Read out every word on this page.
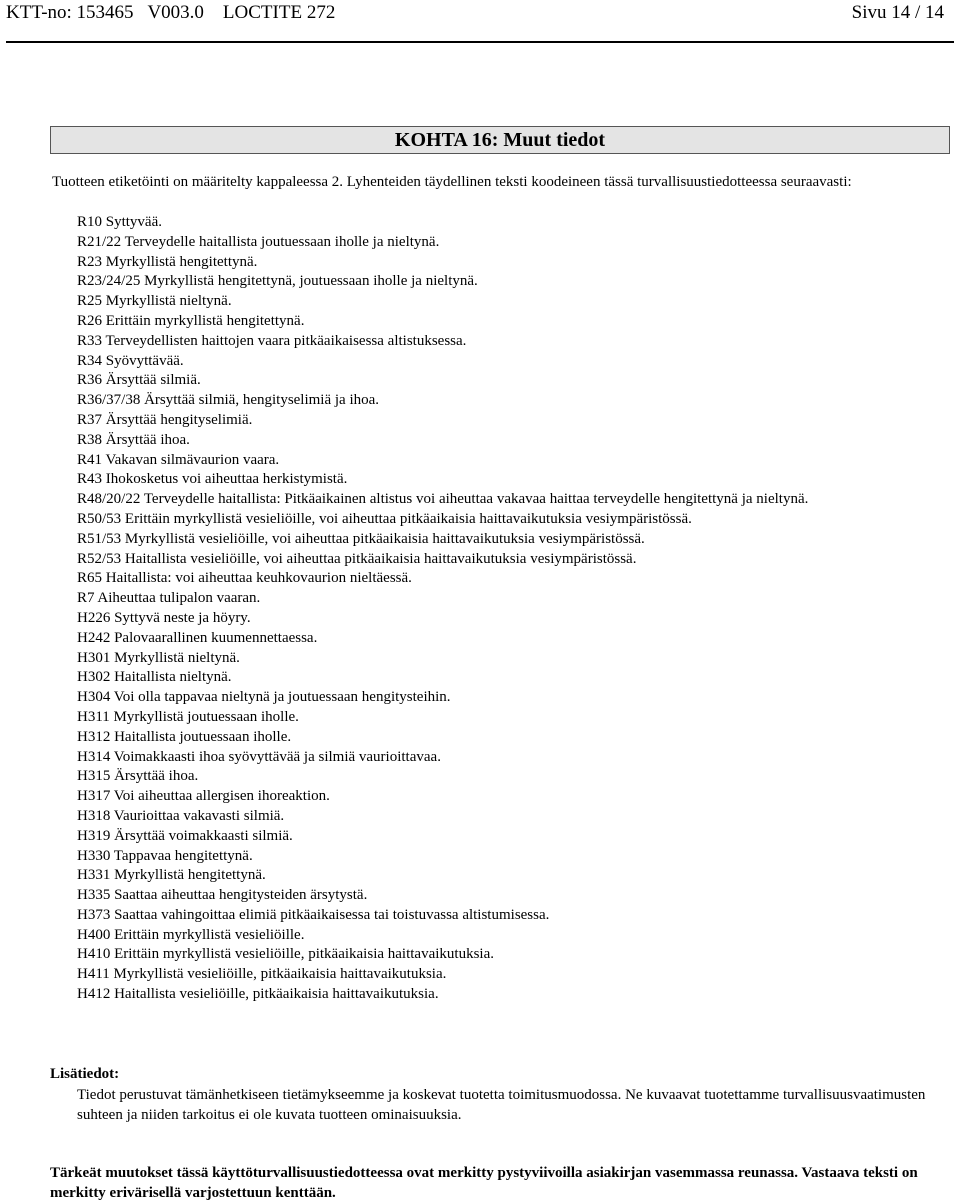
KTT-no: 153465   V003.0    LOCTITE 272	Sivu 14 / 14
KOHTA 16: Muut tiedot
Tuotteen etiketöinti on määritelty kappaleessa 2. Lyhenteiden täydellinen teksti koodeineen tässä turvallisuustiedotteessa seuraavasti:
R10 Syttyvää.
R21/22 Terveydelle haitallista joutuessaan iholle ja nieltynä.
R23 Myrkyllistä hengitettynä.
R23/24/25 Myrkyllistä hengitettynä, joutuessaan iholle ja nieltynä.
R25 Myrkyllistä nieltynä.
R26 Erittäin myrkyllistä hengitettynä.
R33 Terveydellisten haittojen vaara pitkäaikaisessa altistuksessa.
R34 Syövyttävää.
R36 Ärsyttää silmiä.
R36/37/38 Ärsyttää silmiä, hengityselimiä ja ihoa.
R37 Ärsyttää hengityselimiä.
R38 Ärsyttää ihoa.
R41 Vakavan silmävaurion vaara.
R43 Ihokosketus voi aiheuttaa herkistymistä.
R48/20/22 Terveydelle haitallista: Pitkäaikainen altistus voi aiheuttaa vakavaa haittaa terveydelle hengitettynä ja nieltynä.
R50/53 Erittäin myrkyllistä vesieliöille, voi aiheuttaa pitkäaikaisia haittavaikutuksia vesiympäristössä.
R51/53 Myrkyllistä vesieliöille, voi aiheuttaa pitkäaikaisia haittavaikutuksia vesiympäristössä.
R52/53 Haitallista vesieliöille, voi aiheuttaa pitkäaikaisia haittavaikutuksia vesiympäristössä.
R65 Haitallista: voi aiheuttaa keuhkovaurion nieltäessä.
R7 Aiheuttaa tulipalon vaaran.
H226 Syttyvä neste ja höyry.
H242 Palovaarallinen kuumennettaessa.
H301 Myrkyllistä nieltynä.
H302 Haitallista nieltynä.
H304 Voi olla tappavaa nieltynä ja joutuessaan hengitysteihin.
H311 Myrkyllistä joutuessaan iholle.
H312 Haitallista joutuessaan iholle.
H314 Voimakkaasti ihoa syövyttävää ja silmiä vaurioittavaa.
H315 Ärsyttää ihoa.
H317 Voi aiheuttaa allergisen ihoreaktion.
H318 Vaurioittaa vakavasti silmiä.
H319 Ärsyttää voimakkaasti silmiä.
H330 Tappavaa hengitettynä.
H331 Myrkyllistä hengitettynä.
H335 Saattaa aiheuttaa hengitysteiden ärsytystä.
H373 Saattaa vahingoittaa elimiä pitkäaikaisessa tai toistuvassa altistumisessa.
H400 Erittäin myrkyllistä vesieliöille.
H410 Erittäin myrkyllistä vesieliöille, pitkäaikaisia haittavaikutuksia.
H411 Myrkyllistä vesieliöille, pitkäaikaisia haittavaikutuksia.
H412 Haitallista vesieliöille, pitkäaikaisia haittavaikutuksia.
Lisätiedot:
Tiedot perustuvat tämänhetkiseen tietämykseemme ja koskevat tuotetta toimitusmuodossa. Ne kuvaavat tuotettamme turvallisuusvaatimusten suhteen ja niiden tarkoitus ei ole kuvata tuotteen ominaisuuksia.
Tärkeät muutokset tässä käyttöturvallisuustiedotteessa ovat merkitty pystyviivoilla asiakirjan vasemmassa reunassa. Vastaava teksti on merkitty erivärisellä varjostettuun kenttään.
